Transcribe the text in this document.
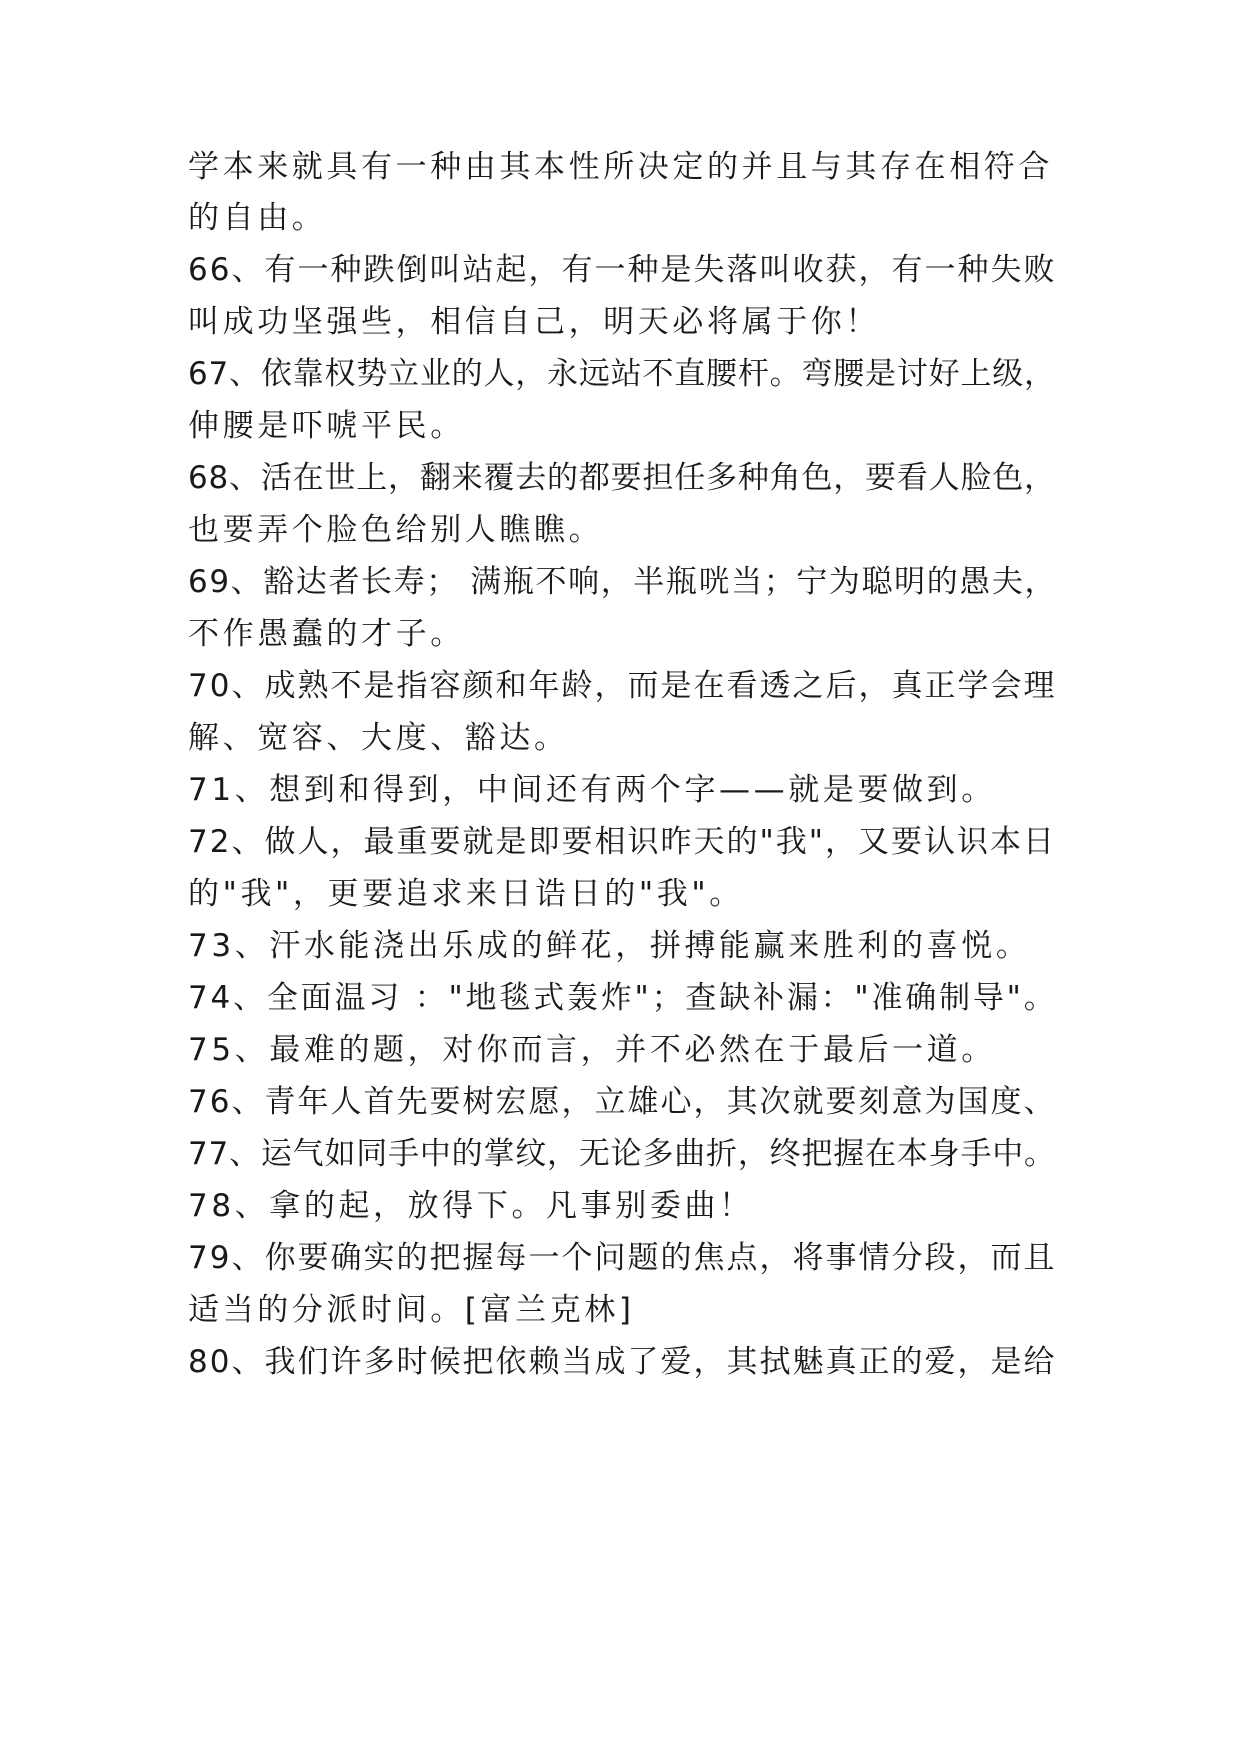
学本来就具有一种由其本性所决定的并且与其存在相符合
的自由。
66、有一种跌倒叫站起，有一种是失落叫收获，有一种失败
叫成功坚强些，相信自己，明天必将属于你！
67、依靠权势立业的人，永远站不直腰杆。弯腰是讨好上级，
伸腰是吓唬平民。
68、活在世上，翻来覆去的都要担任多种角色，要看人脸色，
也要弄个脸色给别人瞧瞧。
69、豁达者长寿； 满瓶不响，半瓶咣当；宁为聪明的愚夫，
不作愚蠢的才子。
70、成熟不是指容颜和年龄，而是在看透之后，真正学会理
解、宽容、大度、豁达。
71、想到和得到，中间还有两个字——就是要做到。
72、做人，最重要就是即要相识昨天的"我"，又要认识本日
的"我"，更要追求来日诰日的"我"。
73、汗水能浇出乐成的鲜花，拼搏能赢来胜利的喜悦。
74、全面温习 ："地毯式轰炸"；查缺补漏："准确制导"。
75、最难的题，对你而言，并不必然在于最后一道。
76、青年人首先要树宏愿，立雄心，其次就要刻意为国度、
77、运气如同手中的掌纹，无论多曲折，终把握在本身手中。
78、拿的起，放得下。凡事别委曲！
79、你要确实的把握每一个问题的焦点，将事情分段，而且
适当的分派时间。[富兰克林]
80、我们许多时候把依赖当成了爱，其拭魅真正的爱，是给
